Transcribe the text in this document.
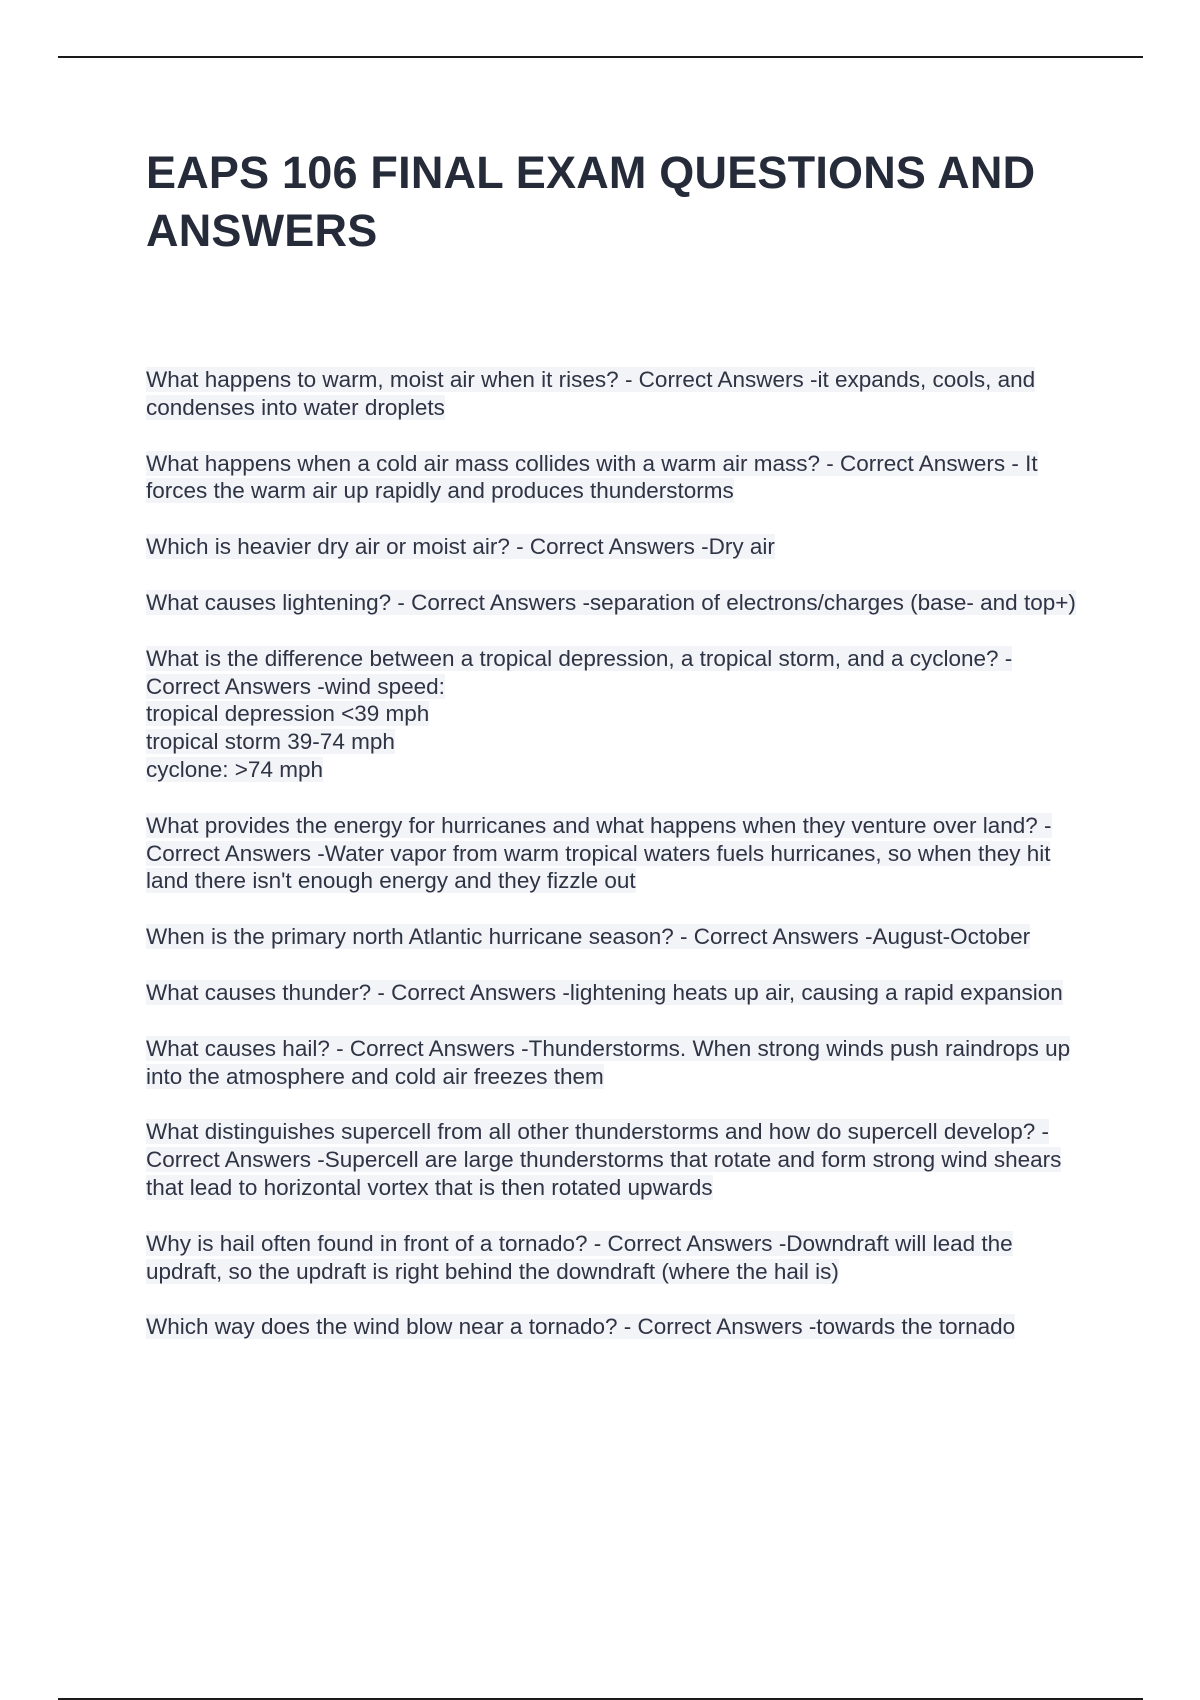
EAPS 106 FINAL EXAM QUESTIONS AND ANSWERS
What happens to warm, moist air when it rises? - Correct Answers -it expands, cools, and condenses into water droplets
What happens when a cold air mass collides with a warm air mass? - Correct Answers - It forces the warm air up rapidly and produces thunderstorms
Which is heavier dry air or moist air? - Correct Answers -Dry air
What causes lightening? - Correct Answers -separation of electrons/charges (base- and top+)
What is the difference between a tropical depression, a tropical storm, and a cyclone? - Correct Answers -wind speed:
tropical depression <39 mph
tropical storm 39-74 mph
cyclone: >74 mph
What provides the energy for hurricanes and what happens when they venture over land? - Correct Answers -Water vapor from warm tropical waters fuels hurricanes, so when they hit land there isn't enough energy and they fizzle out
When is the primary north Atlantic hurricane season? - Correct Answers -August-October
What causes thunder? - Correct Answers -lightening heats up air, causing a rapid expansion
What causes hail? - Correct Answers -Thunderstorms. When strong winds push raindrops up into the atmosphere and cold air freezes them
What distinguishes supercell from all other thunderstorms and how do supercell develop? - Correct Answers -Supercell are large thunderstorms that rotate and form strong wind shears that lead to horizontal vortex that is then rotated upwards
Why is hail often found in front of a tornado? - Correct Answers -Downdraft will lead the updraft, so the updraft is right behind the downdraft (where the hail is)
Which way does the wind blow near a tornado? - Correct Answers -towards the tornado
